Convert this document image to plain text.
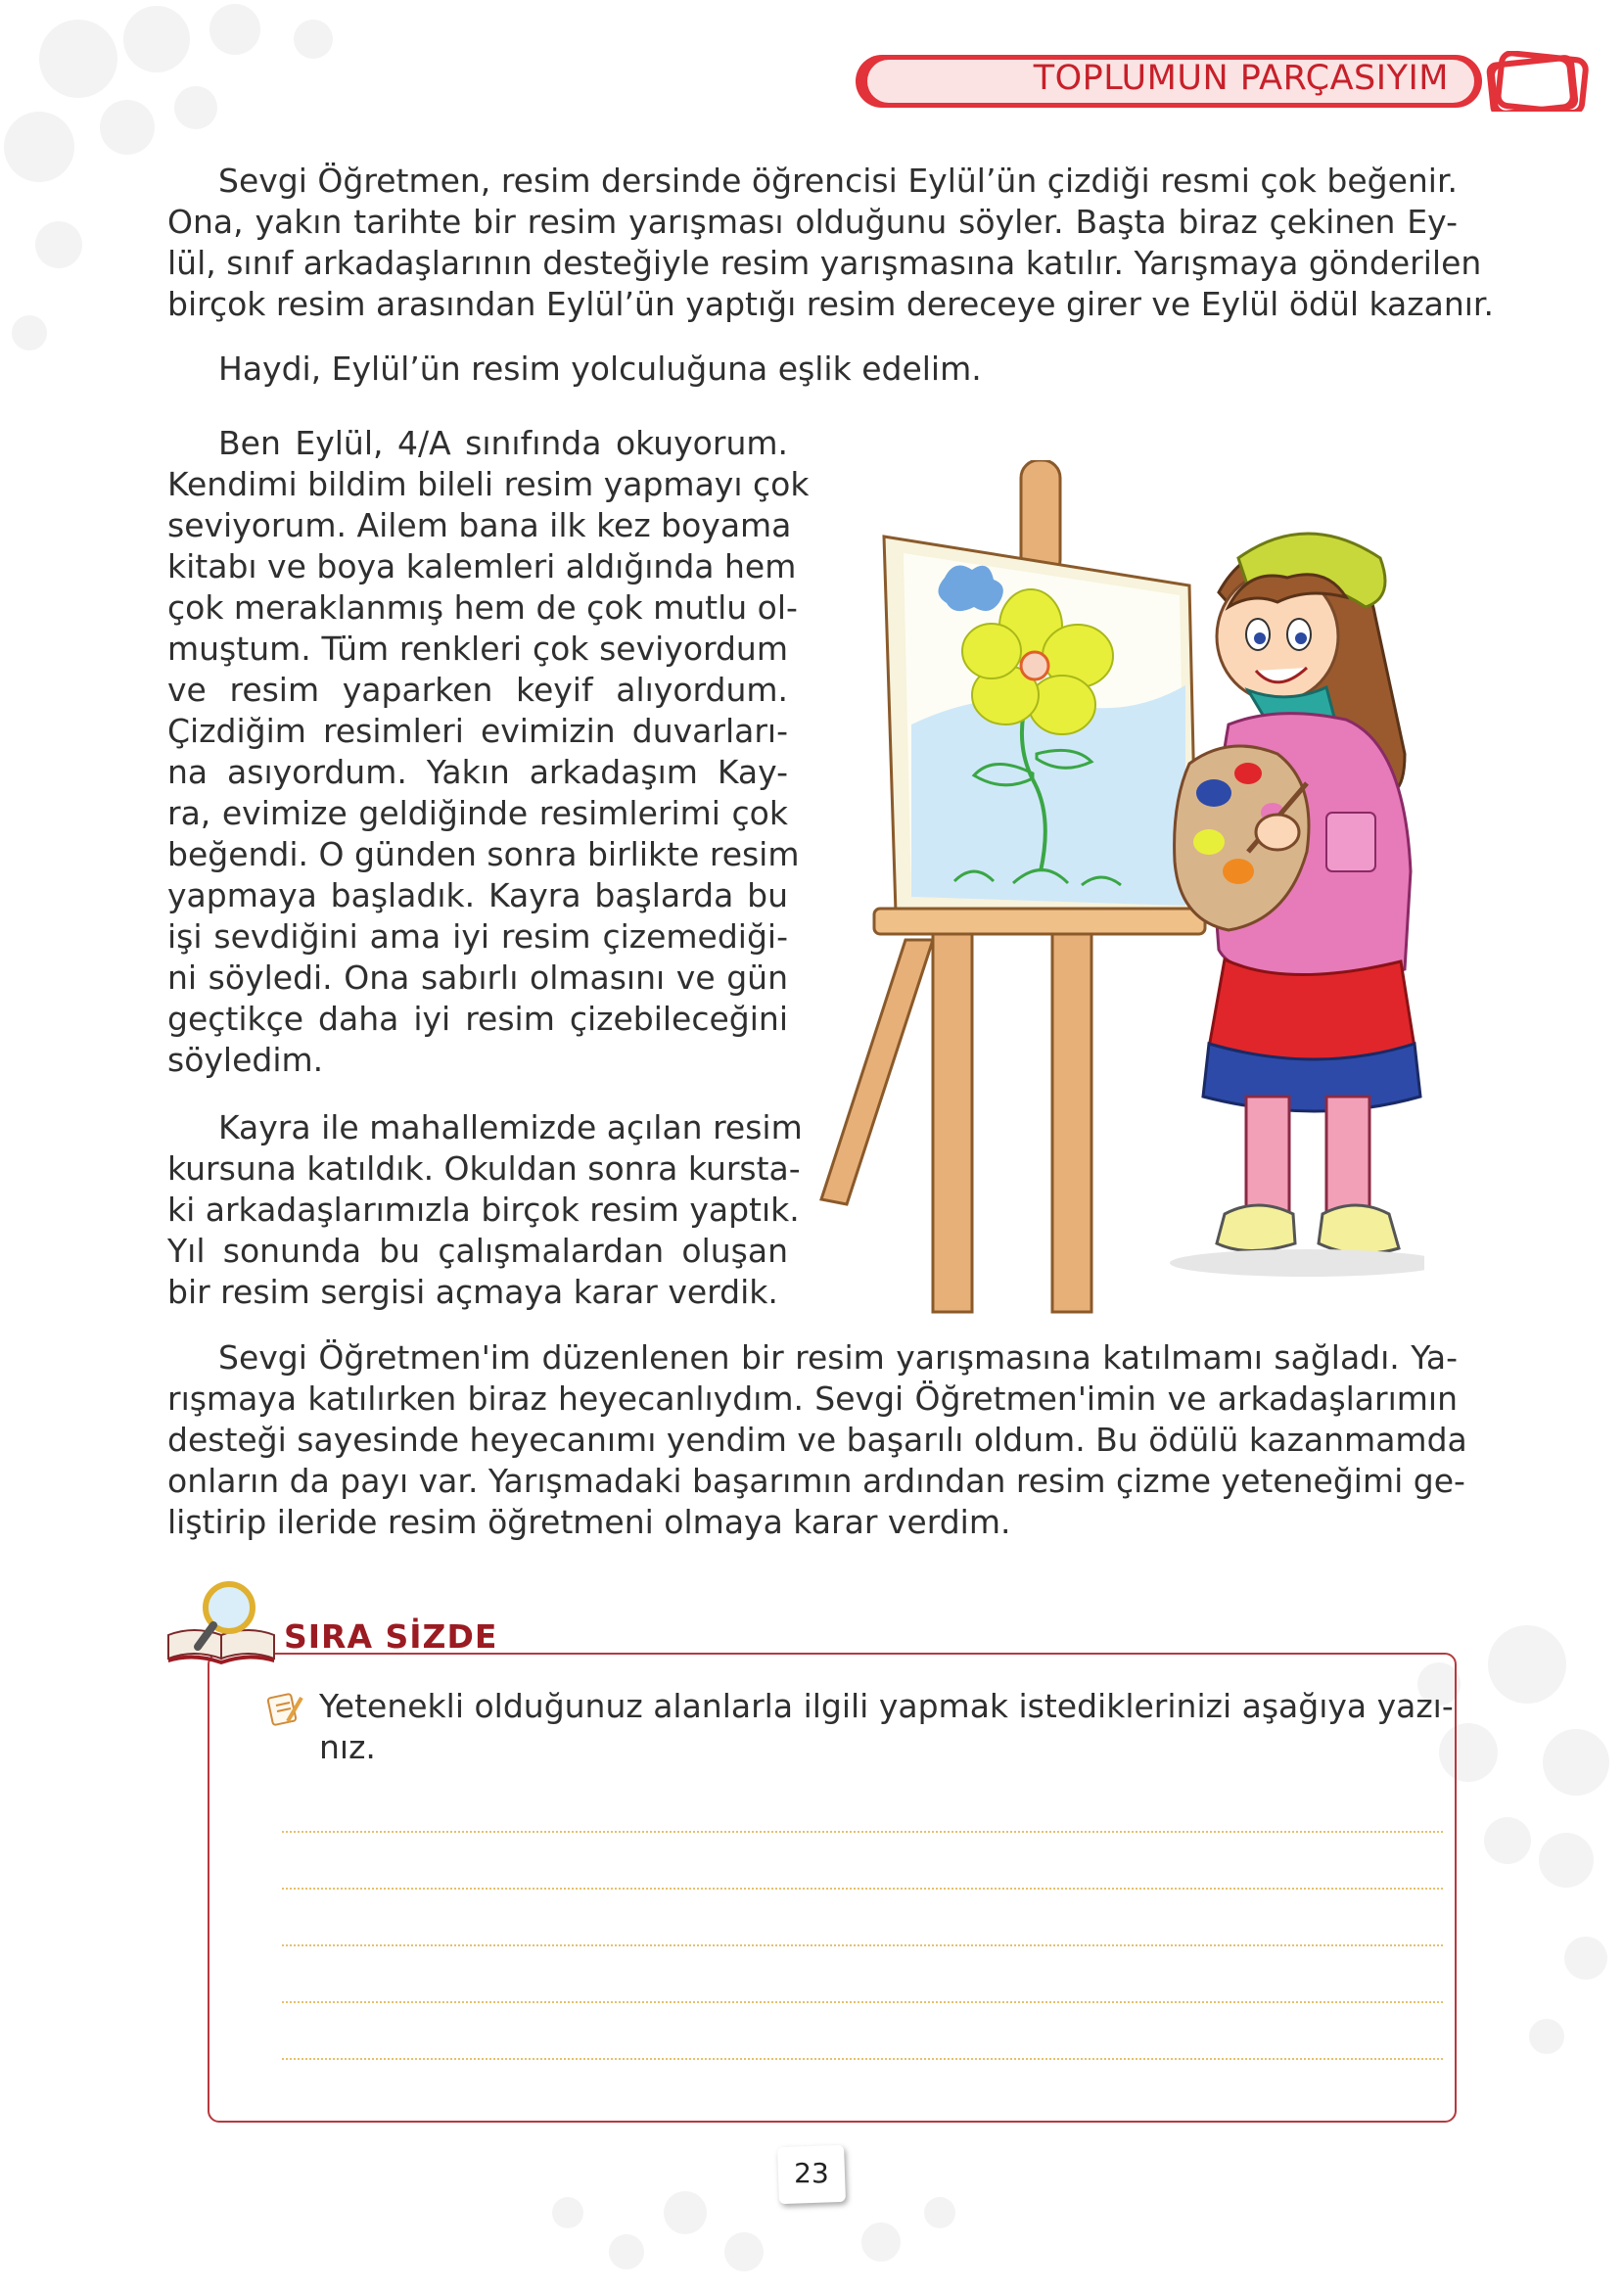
TOPLUMUN PARÇASIYIM
Sevgi Öğretmen, resim dersinde öğrencisi Eylül’ün çizdiği resmi çok beğenir.
Ona, yakın tarihte bir resim yarışması olduğunu söyler. Başta biraz çekinen Ey-
lül, sınıf arkadaşlarının desteğiyle resim yarışmasına katılır. Yarışmaya gönderilen
birçok resim arasından Eylül’ün yaptığı resim dereceye girer ve Eylül ödül kazanır.
Haydi, Eylül’ün resim yolculuğuna eşlik edelim.
Ben Eylül, 4/A sınıfında okuyorum.
Kendimi bildim bileli resim yapmayı çok
seviyorum. Ailem bana ilk kez boyama
kitabı ve boya kalemleri aldığında hem
çok meraklanmış hem de çok mutlu ol-
muştum. Tüm renkleri çok seviyordum
ve resim yaparken keyif alıyordum.
Çizdiğim resimleri evimizin duvarları-
na asıyordum. Yakın arkadaşım Kay-
ra, evimize geldiğinde resimlerimi çok
beğendi. O günden sonra birlikte resim
yapmaya başladık. Kayra başlarda bu
işi sevdiğini ama iyi resim çizemediği-
ni söyledi. Ona sabırlı olmasını ve gün
geçtikçe daha iyi resim çizebileceğini
söyledim.
Kayra ile mahallemizde açılan resim
kursuna katıldık. Okuldan sonra kursta-
ki arkadaşlarımızla birçok resim yaptık.
Yıl sonunda bu çalışmalardan oluşan
bir resim sergisi açmaya karar verdik.
Sevgi Öğretmen'im düzenlenen bir resim yarışmasına katılmamı sağladı. Ya-
rışmaya katılırken biraz heyecanlıydım. Sevgi Öğretmen'imin ve arkadaşlarımın
desteği sayesinde heyecanımı yendim ve başarılı oldum. Bu ödülü kazanmamda
onların da payı var. Yarışmadaki başarımın ardından resim çizme yeteneğimi ge-
liştirip ileride resim öğretmeni olmaya karar verdim.
SIRA SİZDE
Yetenekli olduğunuz alanlarla ilgili yapmak istediklerinizi aşağıya yazı-
nız.
23
